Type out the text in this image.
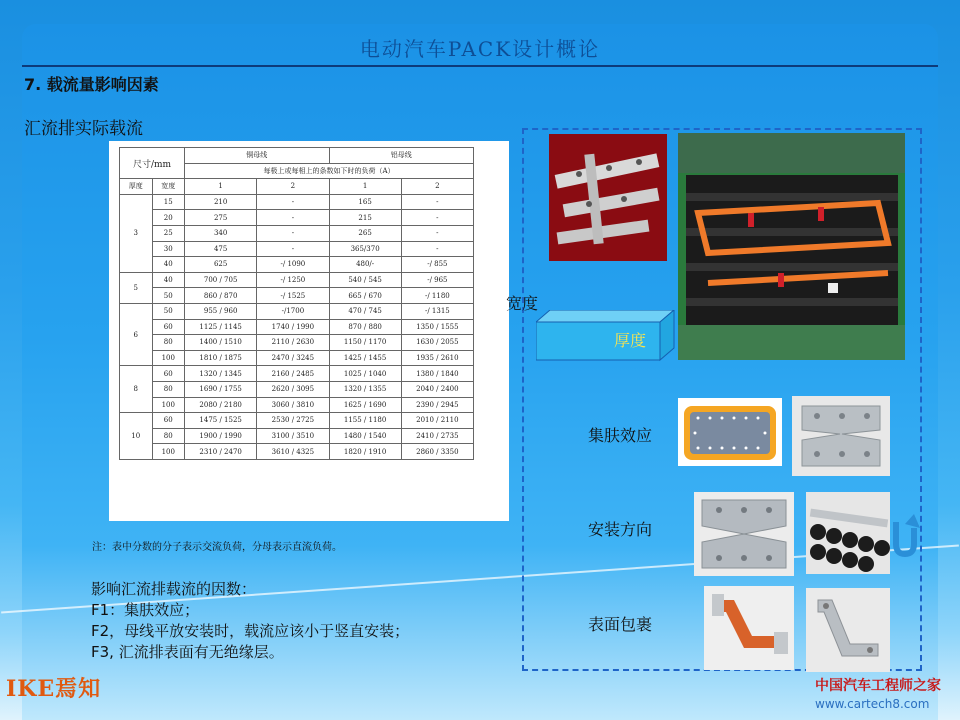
电动汽车PACK设计概论
7. 载流量影响因素
汇流排实际载流
尺寸/mm		铜母线		铝母线	
		每极上或每相上的条数如下时的负荷（A）			
厚度	宽度	1	2	1	2
3	15	210	-	165	-
	20	275	-	215	-
	25	340	-	265	-
	30	475	-	365/370	-
	40	625	-/ 1090	480/-	-/ 855
5	40	700 / 705	-/ 1250	540 / 545	-/ 965
	50	860 / 870	-/ 1525	665 / 670	-/ 1180
6	50	955 / 960	-/1700	470 / 745	-/ 1315
	60	1125 / 1145	1740 / 1990	870 / 880	1350 / 1555
	80	1400 / 1510	2110 / 2630	1150 / 1170	1630 / 2055
	100	1810 / 1875	2470 / 3245	1425 / 1455	1935 / 2610
8	60	1320 / 1345	2160 / 2485	1025 / 1040	1380 / 1840
	80	1690 / 1755	2620 / 3095	1320 / 1355	2040 / 2400
	100	2080 / 2180	3060 / 3810	1625 / 1690	2390 / 2945
10	60	1475 / 1525	2530 / 2725	1155 / 1180	2010 / 2110
	80	1900 / 1990	3100 / 3510	1480 / 1540	2410 / 2735
	100	2310 / 2470	3610 / 4325	1820 / 1910	2860 / 3350
注：表中分数的分子表示交流负荷，分母表示直流负荷。
影响汇流排载流的因数：
F1：集肤效应；
F2，母线平放安装时，载流应该小于竖直安装；
F3, 汇流排表面有无绝缘层。
宽度
厚度
集肤效应
安装方向
表面包裹
IKE焉知	中国汽车工程师之家
www.cartech8.com
